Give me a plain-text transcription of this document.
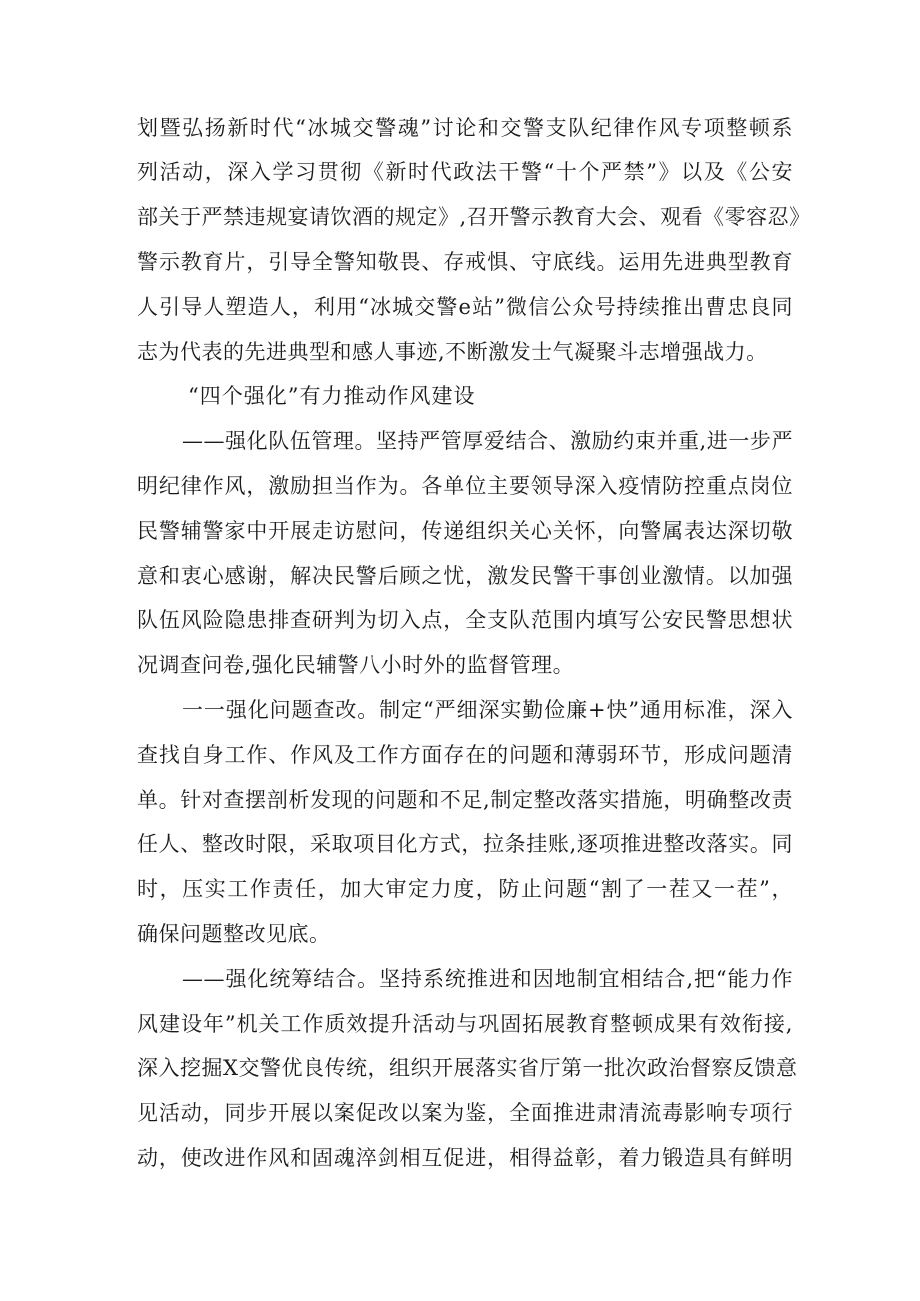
划暨弘扬新时代“冰城交警魂”讨论和交警支队纪律作风专项整顿系
列活动，深入学习贯彻《新时代政法干警“十个严禁”》以及《公安
部关于严禁违规宴请饮酒的规定》,召开警示教育大会、观看《零容忍》
警示教育片，引导全警知敬畏、存戒惧、守底线。运用先进典型教育
人引导人塑造人，利用“冰城交警e站”微信公众号持续推出曹忠良同
志为代表的先进典型和感人事迹,不断激发士气凝聚斗志增强战力。
“四个强化”有力推动作风建设
——强化队伍管理。坚持严管厚爱结合、激励约束并重,进一步严
明纪律作风，激励担当作为。各单位主要领导深入疫情防控重点岗位
民警辅警家中开展走访慰问，传递组织关心关怀，向警属表达深切敬
意和衷心感谢，解决民警后顾之忧，激发民警干事创业激情。以加强
队伍风险隐患排查研判为切入点，全支队范围内填写公安民警思想状
况调查问卷,强化民辅警八小时外的监督管理。
一一强化问题查改。制定“严细深实勤俭廉+快”通用标准，深入
查找自身工作、作风及工作方面存在的问题和薄弱环节，形成问题清
单。针对查摆剖析发现的问题和不足,制定整改落实措施，明确整改责
任人、整改时限，采取项目化方式，拉条挂账,逐项推进整改落实。同
时，压实工作责任，加大审定力度，防止问题“割了一茬又一茬”，
确保问题整改见底。
——强化统筹结合。坚持系统推进和因地制宜相结合,把“能力作
风建设年”机关工作质效提升活动与巩固拓展教育整顿成果有效衔接,
深入挖掘X交警优良传统，组织开展落实省厅第一批次政治督察反馈意
见活动，同步开展以案促改以案为鉴，全面推进肃清流毒影响专项行
动，使改进作风和固魂淬剑相互促进，相得益彰，着力锻造具有鲜明
